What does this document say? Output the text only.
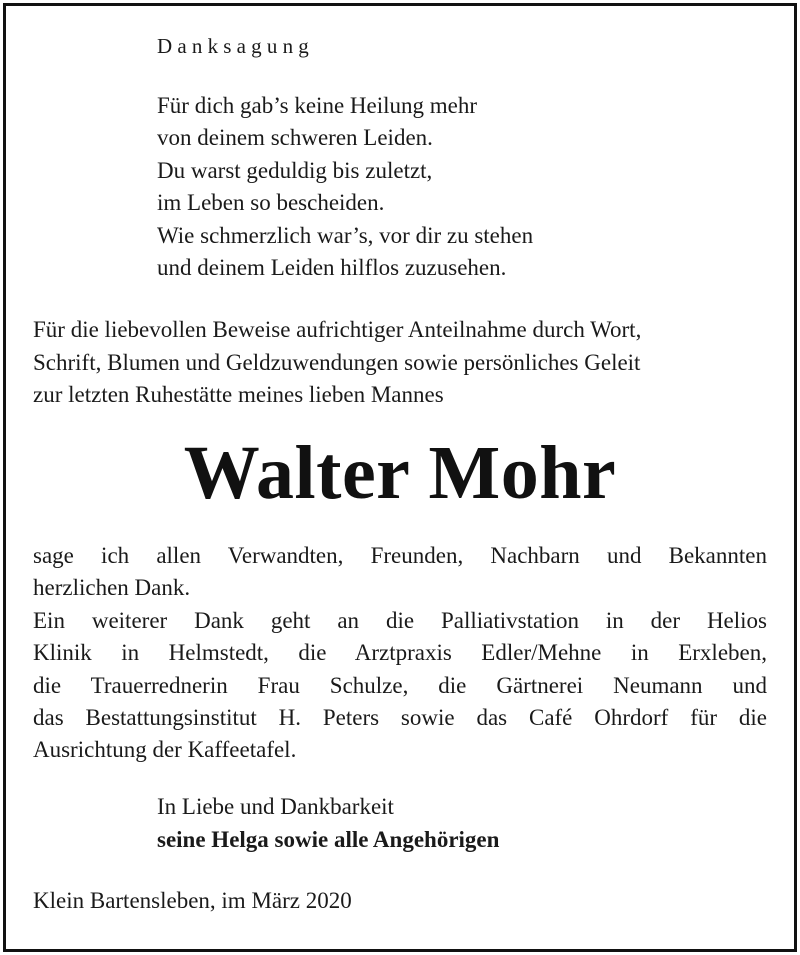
Danksagung
Für dich gab’s keine Heilung mehr
von deinem schweren Leiden.
Du warst geduldig bis zuletzt,
im Leben so bescheiden.
Wie schmerzlich war’s, vor dir zu stehen
und deinem Leiden hilflos zuzusehen.
Für die liebevollen Beweise aufrichtiger Anteilnahme durch Wort,
Schrift, Blumen und Geldzuwendungen sowie persönliches Geleit
zur letzten Ruhestätte meines lieben Mannes
Walter Mohr
sage ich allen Verwandten, Freunden, Nachbarn und Bekannten
herzlichen Dank.
Ein weiterer Dank geht an die Palliativstation in der Helios
Klinik in Helmstedt, die Arztpraxis Edler/Mehne in Erxleben,
die Trauerrednerin Frau Schulze, die Gärtnerei Neumann und
das Bestattungsinstitut H. Peters sowie das Café Ohrdorf für die
Ausrichtung der Kaffeetafel.
In Liebe und Dankbarkeit
seine Helga sowie alle Angehörigen
Klein Bartensleben, im März 2020
